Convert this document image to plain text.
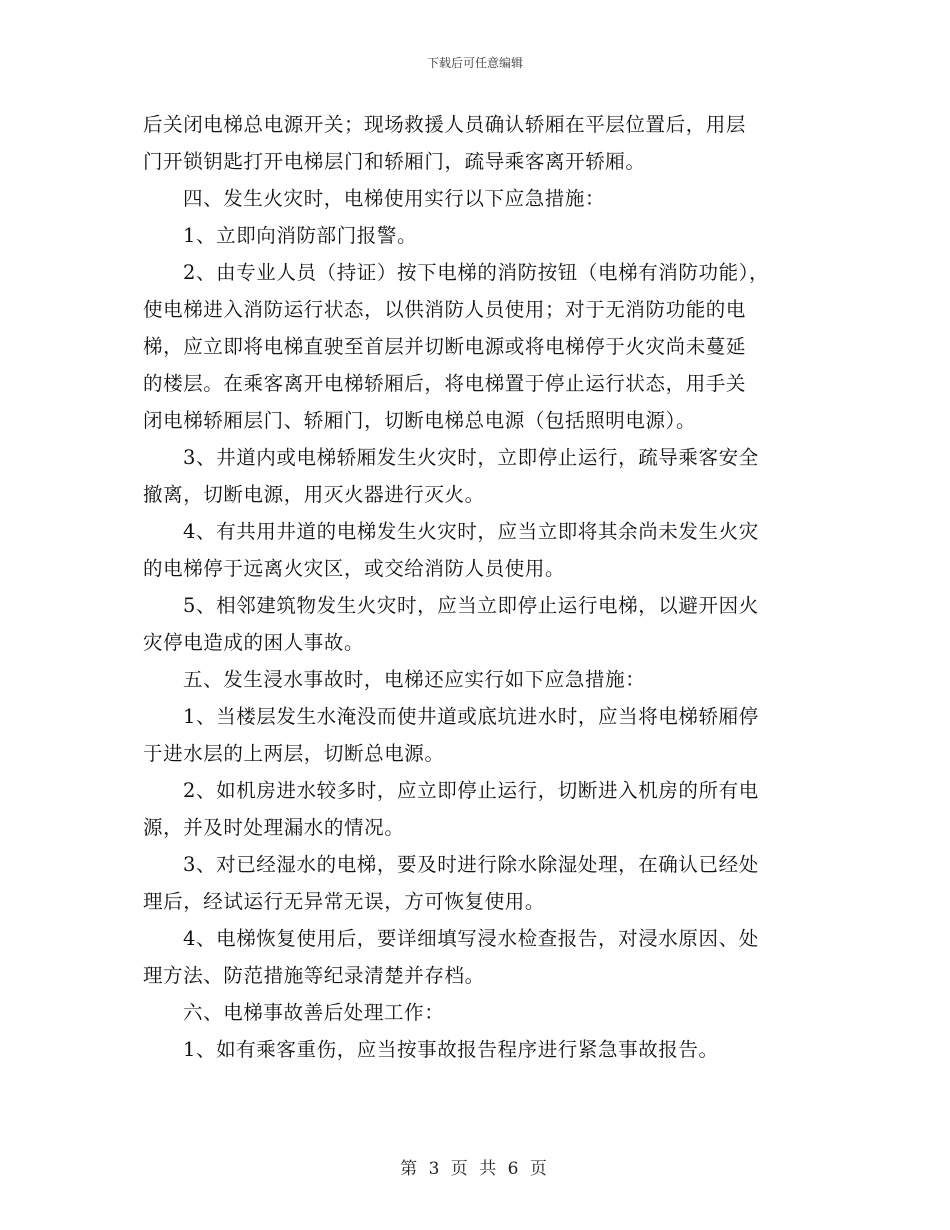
下载后可任意编辑
后关闭电梯总电源开关；现场救援人员确认轿厢在平层位置后，用层
门开锁钥匙打开电梯层门和轿厢门，疏导乘客离开轿厢。
四、发生火灾时，电梯使用实行以下应急措施：
1、立即向消防部门报警。
2、由专业人员（持证）按下电梯的消防按钮（电梯有消防功能），
使电梯进入消防运行状态，以供消防人员使用；对于无消防功能的电
梯，应立即将电梯直驶至首层并切断电源或将电梯停于火灾尚未蔓延
的楼层。在乘客离开电梯轿厢后，将电梯置于停止运行状态，用手关
闭电梯轿厢层门、轿厢门，切断电梯总电源（包括照明电源）。
3、井道内或电梯轿厢发生火灾时，立即停止运行，疏导乘客安全
撤离，切断电源，用灭火器进行灭火。
4、有共用井道的电梯发生火灾时，应当立即将其余尚未发生火灾
的电梯停于远离火灾区，或交给消防人员使用。
5、相邻建筑物发生火灾时，应当立即停止运行电梯，以避开因火
灾停电造成的困人事故。
五、发生浸水事故时，电梯还应实行如下应急措施：
1、当楼层发生水淹没而使井道或底坑进水时，应当将电梯轿厢停
于进水层的上两层，切断总电源。
2、如机房进水较多时，应立即停止运行，切断进入机房的所有电
源，并及时处理漏水的情况。
3、对已经湿水的电梯，要及时进行除水除湿处理，在确认已经处
理后，经试运行无异常无误，方可恢复使用。
4、电梯恢复使用后，要详细填写浸水检查报告，对浸水原因、处
理方法、防范措施等纪录清楚并存档。
六、电梯事故善后处理工作：
1、如有乘客重伤，应当按事故报告程序进行紧急事故报告。
第 3 页 共 6 页
